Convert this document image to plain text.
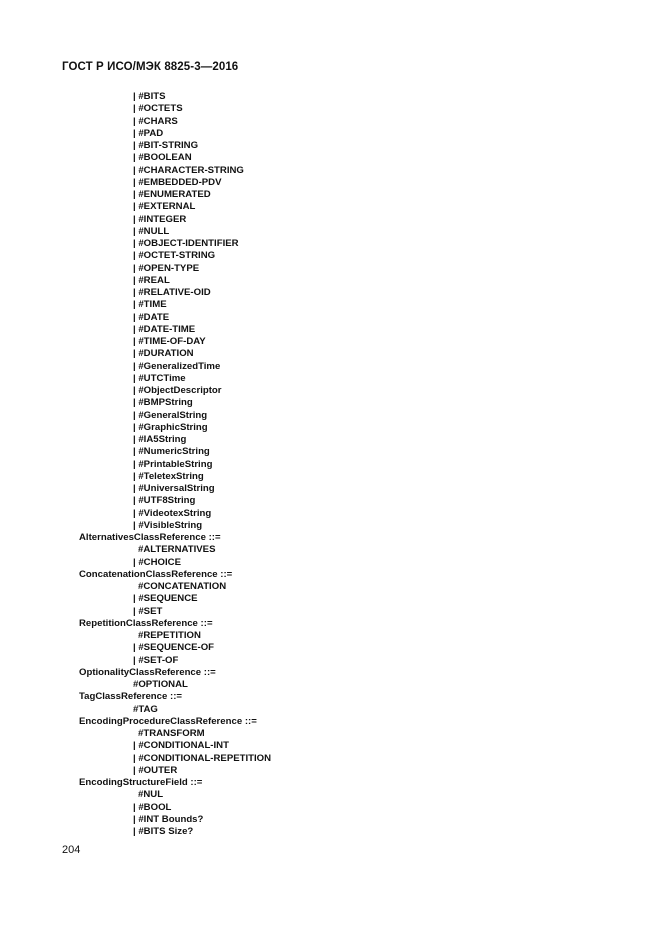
ГОСТ Р ИСО/МЭК 8825-3—2016
| #BITS
| #OCTETS
| #CHARS
| #PAD
| #BIT-STRING
| #BOOLEAN
| #CHARACTER-STRING
| #EMBEDDED-PDV
| #ENUMERATED
| #EXTERNAL
| #INTEGER
| #NULL
| #OBJECT-IDENTIFIER
| #OCTET-STRING
| #OPEN-TYPE
| #REAL
| #RELATIVE-OID
| #TIME
| #DATE
| #DATE-TIME
| #TIME-OF-DAY
| #DURATION
| #GeneralizedTime
| #UTCTime
| #ObjectDescriptor
| #BMPString
| #GeneralString
| #GraphicString
| #IA5String
| #NumericString
| #PrintableString
| #TeletexString
| #UniversalString
| #UTF8String
| #VideotexString
| #VisibleString
AlternativesClassReference ::=
#ALTERNATIVES
| #CHOICE
ConcatenationClassReference ::=
#CONCATENATION
| #SEQUENCE
| #SET
RepetitionClassReference ::=
#REPETITION
| #SEQUENCE-OF
| #SET-OF
OptionalityClassReference ::=
#OPTIONAL
TagClassReference ::=
#TAG
EncodingProcedureClassReference ::=
#TRANSFORM
| #CONDITIONAL-INT
| #CONDITIONAL-REPETITION
| #OUTER
EncodingStructureField ::=
#NUL
| #BOOL
| #INT Bounds?
| #BITS Size?
204
